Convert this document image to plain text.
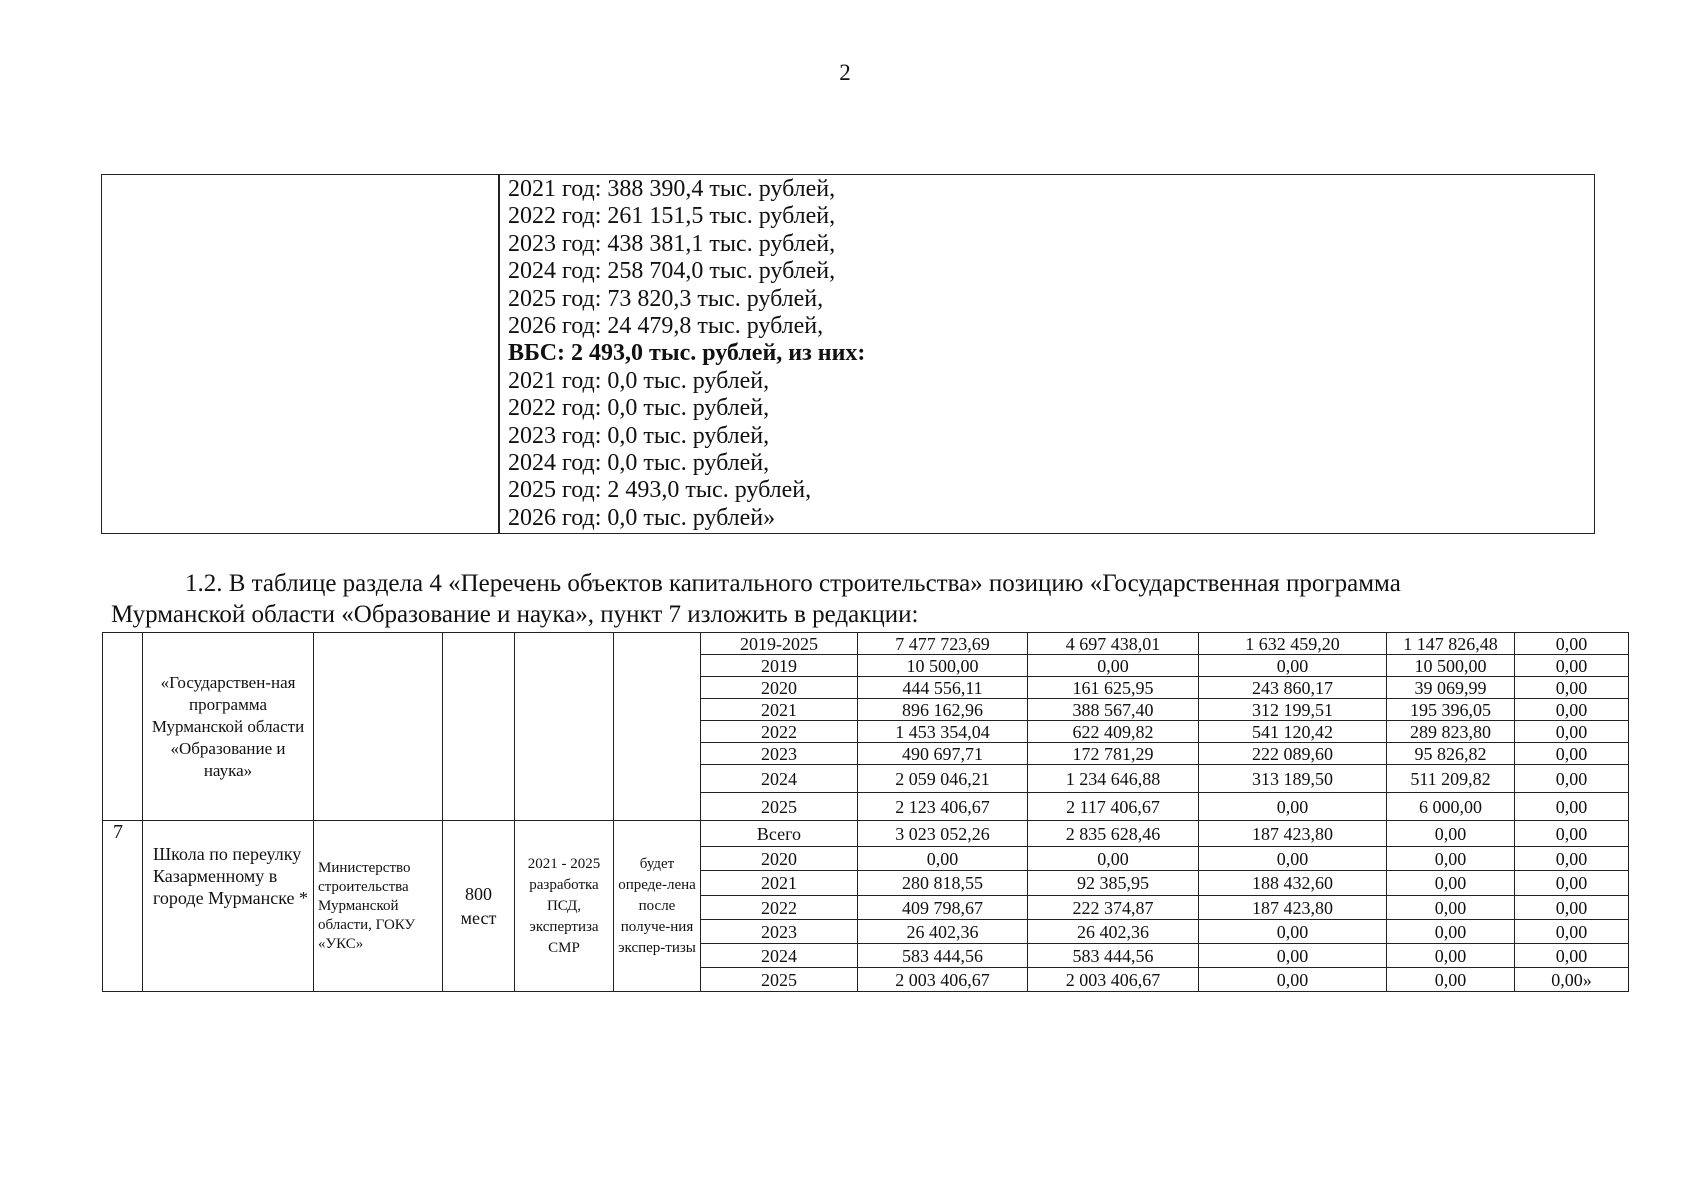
2
2021 год: 388 390,4 тыс. рублей,
2022 год: 261 151,5 тыс. рублей,
2023 год: 438 381,1 тыс. рублей,
2024 год: 258 704,0 тыс. рублей,
2025 год: 73 820,3 тыс. рублей,
2026 год: 24 479,8 тыс. рублей,
ВБС: 2 493,0 тыс. рублей, из них:
2021 год: 0,0 тыс. рублей,
2022 год: 0,0 тыс. рублей,
2023 год: 0,0 тыс. рублей,
2024 год: 0,0 тыс. рублей,
2025 год: 2 493,0 тыс. рублей,
2026 год: 0,0 тыс. рублей»
1.2. В таблице раздела 4 «Перечень объектов капитального строительства» позицию «Государственная программа
Мурманской области «Образование и наука», пункт 7 изложить в редакции:
	«Государствен-ная программа Мурманской области «Образование и наука»					2019-2025	7 477 723,69	4 697 438,01	1 632 459,20	1 147 826,48	0,00
						2019	10 500,00	0,00	0,00	10 500,00	0,00
						2020	444 556,11	161 625,95	243 860,17	39 069,99	0,00
						2021	896 162,96	388 567,40	312 199,51	195 396,05	0,00
						2022	1 453 354,04	622 409,82	541 120,42	289 823,80	0,00
						2023	490 697,71	172 781,29	222 089,60	95 826,82	0,00
						2024	2 059 046,21	1 234 646,88	313 189,50	511 209,82	0,00
						2025	2 123 406,67	2 117 406,67	0,00	6 000,00	0,00
7	Школа по переулку Казарменному в городе Мурманске *	Министерство строительства Мурманской области, ГОКУ «УКС»	800 мест	2021 - 2025 разработка ПСД, экспертиза СМР	будет опреде-лена после получе-ния экспер-тизы	Всего	3 023 052,26	2 835 628,46	187 423,80	0,00	0,00
						2020	0,00	0,00	0,00	0,00	0,00
						2021	280 818,55	92 385,95	188 432,60	0,00	0,00
						2022	409 798,67	222 374,87	187 423,80	0,00	0,00
						2023	26 402,36	26 402,36	0,00	0,00	0,00
						2024	583 444,56	583 444,56	0,00	0,00	0,00
						2025	2 003 406,67	2 003 406,67	0,00	0,00	0,00»
